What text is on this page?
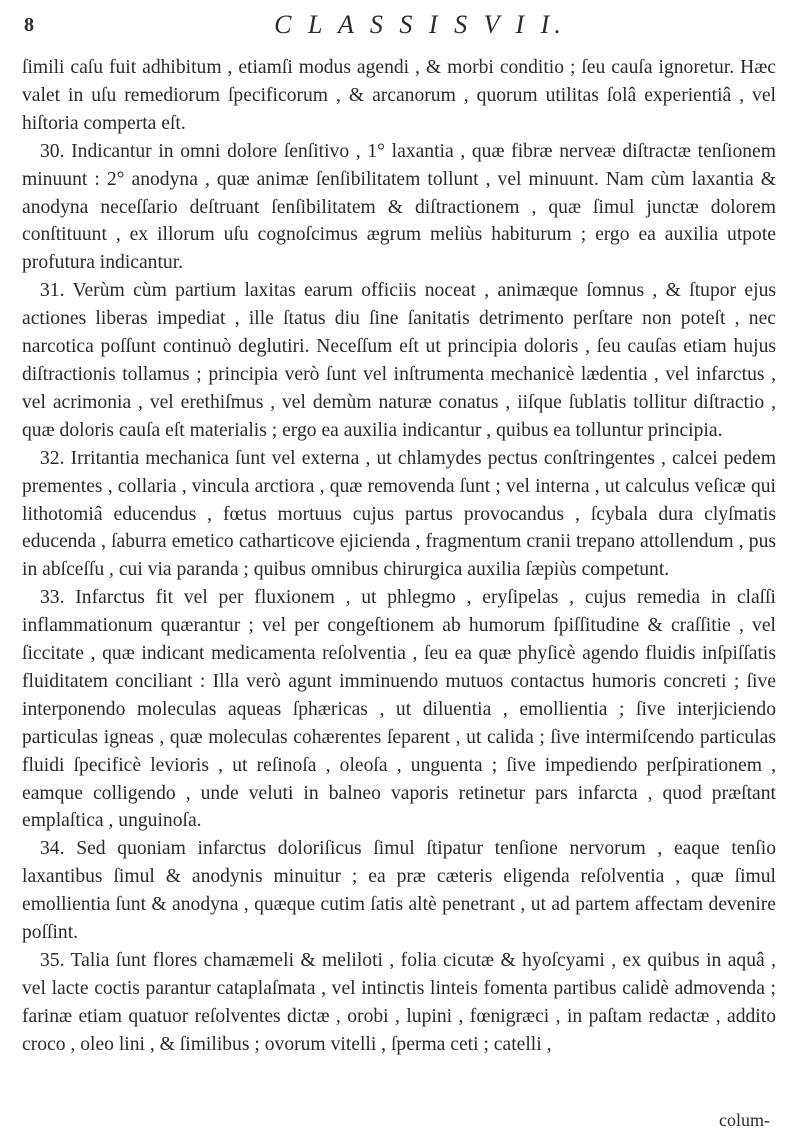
8	C L A S S I S V I I.

ſimili caſu fuit adhibitum , etiamſi modus agendi , & morbi conditio ; ſeu cauſa ignoretur. Hæc valet in uſu remediorum ſpecificorum , & arcanorum , quorum utilitas ſolâ experientiâ , vel hiſtoria comperta eſt.

30. Indicantur in omni dolore ſenſitivo , 1° laxantia , quæ fibræ nerveæ diſtractæ tenſionem minuunt : 2° anodyna , quæ animæ ſenſibilitatem tollunt , vel minuunt. Nam cùm laxantia & anodyna neceſſario deſtruant ſenſibilitatem & diſtractionem , quæ ſimul junctæ dolorem conſtituunt , ex illorum uſu cognoſcimus ægrum meliùs habiturum ; ergo ea auxilia utpote profutura indicantur.

31. Verùm cùm partium laxitas earum officiis noceat , animæque ſomnus , & ſtupor ejus actiones liberas impediat , ille ſtatus diu ſine ſanitatis detrimento perſtare non poteſt , nec narcotica poſſunt continuò deglutiri. Neceſſum eſt ut principia doloris , ſeu cauſas etiam hujus diſtractionis tollamus ; principia verò ſunt vel inſtrumenta mechanicè lædentia , vel infarctus , vel acrimonia , vel erethiſmus , vel demùm naturæ conatus , iiſque ſublatis tollitur diſtractio , quæ doloris cauſa eſt materialis ; ergo ea auxilia indicantur , quibus ea tolluntur principia.

32. Irritantia mechanica ſunt vel externa , ut chlamydes pectus conſtringentes , calcei pedem prementes , collaria , vincula arctiora , quæ removenda ſunt ; vel interna , ut calculus veſicæ qui lithotomiâ educendus , fœtus mortuus cujus partus provocandus , ſcybala dura clyſmatis educenda , ſaburra emetico catharticove ejicienda , fragmentum cranii trepano attollendum , pus in abſceſſu , cui via paranda ; quibus omnibus chirurgica auxilia ſæpiùs competunt.

33. Infarctus fit vel per fluxionem , ut phlegmo , eryſipelas , cujus remedia in claſſi inflammationum quærantur ; vel per congeſtionem ab humorum ſpiſſitudine & craſſitie , vel ſiccitate , quæ indicant medicamenta reſolventia , ſeu ea quæ phyſicè agendo fluidis inſpiſſatis fluiditatem conciliant : Illa verò agunt imminuendo mutuos contactus humoris concreti ; ſive interponendo moleculas aqueas ſphæricas , ut diluentia , emollientia ; ſive interjiciendo particulas igneas , quæ moleculas cohærentes ſeparent , ut calida ; ſive intermiſcendo particulas fluidi ſpecificè levioris , ut reſinoſa , oleoſa , unguenta ; ſive impediendo perſpirationem , eamque colligendo , unde veluti in balneo vaporis retinetur pars infarcta , quod præſtant emplaſtica , unguinoſa.

34. Sed quoniam infarctus doloriſicus ſimul ſtipatur tenſione nervorum , eaque tenſio laxantibus ſimul & anodynis minuitur ; ea præ cæteris eligenda reſolventia , quæ ſimul emollientia ſunt & anodyna , quæque cutim ſatis altè penetrant , ut ad partem affectam devenire poſſint.

35. Talia ſunt flores chamæmeli & meliloti , folia cicutæ & hyoſcyami , ex quibus in aquâ , vel lacte coctis parantur cataplaſmata , vel intinctis linteis fomenta partibus calidè admovenda ; farinæ etiam quatuor reſolventes dictæ , orobi , lupini , fœnigræci , in paſtam redactæ , addito croco , oleo lini , & ſimilibus ; ovorum vitelli , ſperma ceti ; catelli ,

colum-
